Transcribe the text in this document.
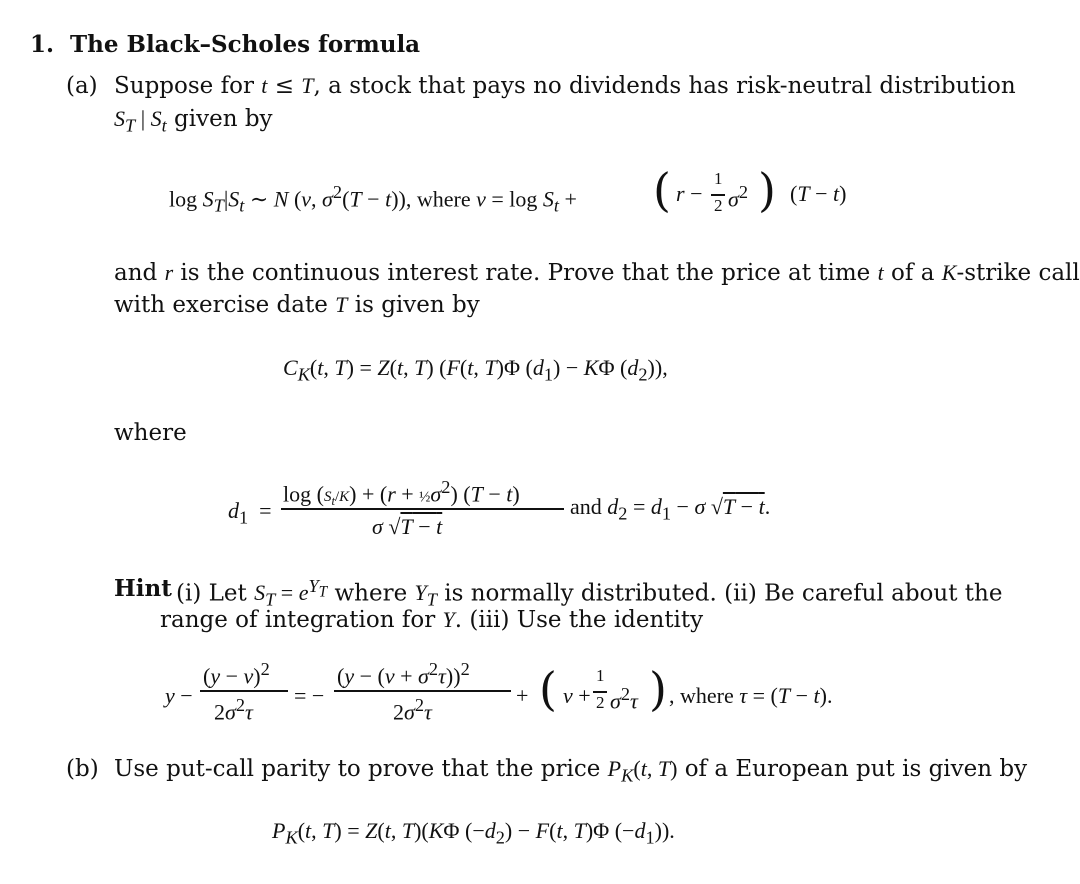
1. The Black–Scholes formula
(a) Suppose for t ≤ T, a stock that pays no dividends has risk-neutral distribution
$S_T$ | $S_t$ given by
$\log S_T|S_t$ ∼ N (ν, $\sigma^2(T - t)$), where $\nu = \log S_t$ + ( r −
1
2 $\sigma^2$ ) (T − t)
and r is the continuous interest rate. Prove that the price at time t of a K-strike call
with exercise date T is given by
$C_K(t$, T) = Z(t, T) (F(t, T)Φ $(d_1) - K\Phi$ $(d_2)$),
where
$d_1$  =
$\log (S_t/K) + (r$ + $\frac{1}{2}\sigma^2$) (T − t)
σ √T − t
and $d_2 = d_1 - \sigma$ √T − t.
Hint (i) Let $S_T = e^{Y_T}$ where $Y_T$ is normally distributed. (ii) Be careful about the
range of integration for Y. (iii) Use the identity
y −
$(y - \nu)^2$
$2\sigma^2\tau$
= −
$(y - (\nu + \sigma^2\tau))^2$
$2\sigma^2\tau$
+ ( ν +
1
2 $\sigma^2\tau$ ) , where τ = (T − t).
(b) Use put-call parity to prove that the price $P_K(t$, T) of a European put is given by
$P_K(t$, T) = Z(t, T)(KΦ $(-d_2) - F(t$, T)Φ $(-d_1)$).
